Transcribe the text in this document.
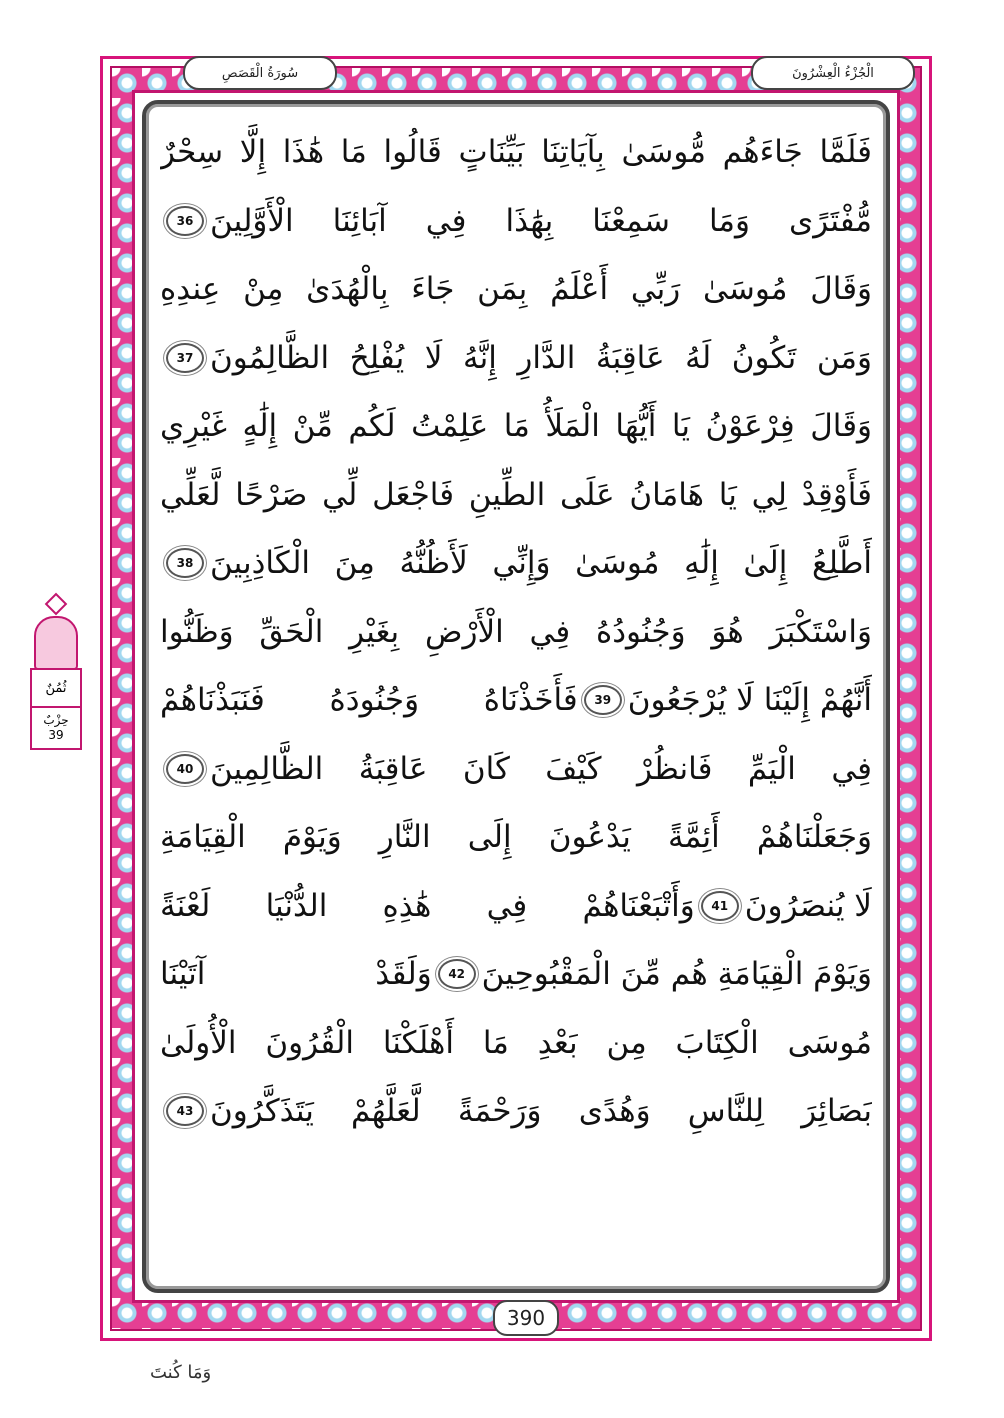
سُورَةُ الْقَصَصِ	الْجُزْءُ الْعِشْرُونَ
فَلَمَّا جَاءَهُم مُّوسَىٰ بِآيَاتِنَا بَيِّنَاتٍ قَالُوا مَا هَٰذَا إِلَّا سِحْرٌ
مُّفْتَرًى وَمَا سَمِعْنَا بِهَٰذَا فِي آبَائِنَا الْأَوَّلِينَ
36
وَقَالَ مُوسَىٰ رَبِّي أَعْلَمُ بِمَن جَاءَ بِالْهُدَىٰ مِنْ عِندِهِ
وَمَن تَكُونُ لَهُ عَاقِبَةُ الدَّارِ إِنَّهُ لَا يُفْلِحُ الظَّالِمُونَ
37
وَقَالَ فِرْعَوْنُ يَا أَيُّهَا الْمَلَأُ مَا عَلِمْتُ لَكُم مِّنْ إِلَٰهٍ غَيْرِي
فَأَوْقِدْ لِي يَا هَامَانُ عَلَى الطِّينِ فَاجْعَل لِّي صَرْحًا لَّعَلِّي
أَطَّلِعُ إِلَىٰ إِلَٰهِ مُوسَىٰ وَإِنِّي لَأَظُنُّهُ مِنَ الْكَاذِبِينَ
38
وَاسْتَكْبَرَ هُوَ وَجُنُودُهُ فِي الْأَرْضِ بِغَيْرِ الْحَقِّ وَظَنُّوا
أَنَّهُمْ إِلَيْنَا لَا يُرْجَعُونَ
39
فَأَخَذْنَاهُ وَجُنُودَهُ فَنَبَذْنَاهُمْ
فِي الْيَمِّ فَانظُرْ كَيْفَ كَانَ عَاقِبَةُ الظَّالِمِينَ
40
وَجَعَلْنَاهُمْ أَئِمَّةً يَدْعُونَ إِلَى النَّارِ وَيَوْمَ الْقِيَامَةِ
لَا يُنصَرُونَ
41
وَأَتْبَعْنَاهُمْ فِي هَٰذِهِ الدُّنْيَا لَعْنَةً
وَيَوْمَ الْقِيَامَةِ هُم مِّنَ الْمَقْبُوحِينَ
42
وَلَقَدْ آتَيْنَا
مُوسَى الْكِتَابَ مِن بَعْدِ مَا أَهْلَكْنَا الْقُرُونَ الْأُولَىٰ
بَصَائِرَ لِلنَّاسِ وَهُدًى وَرَحْمَةً لَّعَلَّهُمْ يَتَذَكَّرُونَ
43
390
وَمَا كُنتَ
ثُمُنٌ
حِزْبٌ
39
